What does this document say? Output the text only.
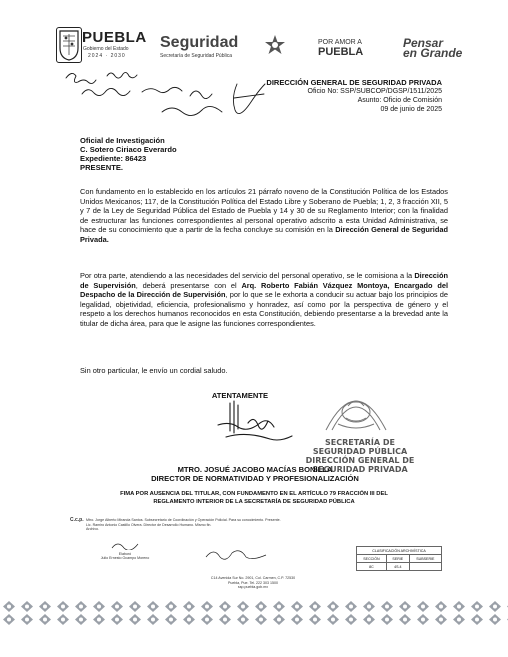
PUEBLA
Gobierno del Estado
2024 · 2030
Seguridad
Secretaría de Seguridad Pública
POR AMOR A
PUEBLA
Pensar
en Grande
DIRECCIÓN GENERAL DE SEGURIDAD PRIVADA
Oficio No: SSP/SUBCOP/DGSP/1511/2025
Asunto: Oficio de Comisión
09 de junio de 2025
Oficial de Investigación
C. Sotero Ciriaco Everardo
Expediente: 86423
PRESENTE.
Con fundamento en lo establecido en los artículos 21 párrafo noveno de la Constitución Política de los Estados Unidos Mexicanos; 117, de la Constitución Política del Estado Libre y Soberano de Puebla; 1, 2, 3 fracción XII, 5 y 7 de la Ley de Seguridad Pública del Estado de Puebla y 14 y 30 de su Reglamento Interior; con la finalidad de estructurar las funciones correspondientes al personal operativo adscrito a esta Unidad Administrativa, se hace de su conocimiento que a partir de la fecha concluye su comisión en la Dirección General de Seguridad Privada.
Por otra parte, atendiendo a las necesidades del servicio del personal operativo, se le comisiona a la Dirección de Supervisión, deberá presentarse con el Arq. Roberto Fabián Vázquez Montoya, Encargado del Despacho de la Dirección de Supervisión, por lo que se le exhorta a conducir su actuar bajo los principios de legalidad, objetividad, eficiencia, profesionalismo y honradez, así como por la perspectiva de género y el respeto a los derechos humanos reconocidos en esta Constitución, debiendo presentarse a la brevedad ante la titular de dicha área, para que le asigne las funciones correspondientes.
Sin otro particular, le envío un cordial saludo.
ATENTAMENTE
SECRETARÍA DE
SEGURIDAD PÚBLICA
DIRECCIÓN GENERAL DE
SEGURIDAD PRIVADA
MTRO. JOSUÉ JACOBO MACÍAS BONILLA
DIRECTOR DE NORMATIVIDAD Y PROFESIONALIZACIÓN
FIMA POR AUSENCIA DEL TITULAR, CON FUNDAMENTO EN EL ARTÍCULO 79 FRACCIÓN III DEL
REGLAMENTO INTERIOR DE LA SECRETARÍA DE SEGURIDAD PÚBLICA
C.c.p. Mtro. Jorge Alberto Miranda Santos. Subsecretario de Coordinación y Operación Policial. Para su conocimiento. Presente.
Lic. Ramiro Antonio Castillo Olvera. Director de Desarrollo Humano. Mismo fin.
Archivo.
Elaboró
Julio Ernesto Ocampo Moreno
C14 Avenida Sur No. 2901, Col. Carmen, C.P. 72530
Puebla, Pue. Tel. 222 303 1500
ssp.puebla.gob.mx
CLASIFICACIÓN ARCHIVÍSTICA		
SECCIÓN	SERIE	SUBSERIE
8C	4S.4	
